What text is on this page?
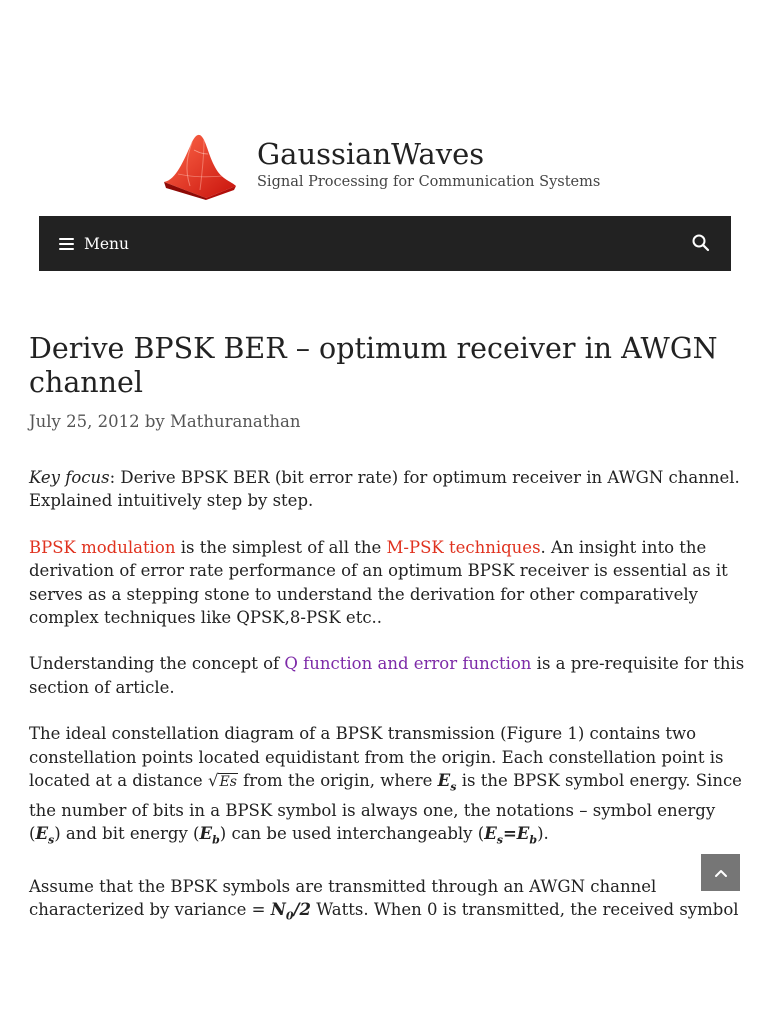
GaussianWaves
Signal Processing for Communication Systems
Menu
Derive BPSK BER – optimum receiver in AWGN channel
July 25, 2012 by Mathuranathan

Key focus: Derive BPSK BER (bit error rate) for optimum receiver in AWGN channel. Explained intuitively step by step.

BPSK modulation is the simplest of all the M-PSK techniques. An insight into the derivation of error rate performance of an optimum BPSK receiver is essential as it serves as a stepping stone to understand the derivation for other comparatively complex techniques like QPSK,8-PSK etc..

Understanding the concept of Q function and error function is a pre-requisite for this section of article.

The ideal constellation diagram of a BPSK transmission (Figure 1) contains two constellation points located equidistant from the origin. Each constellation point is located at a distance √Es from the origin, where $E_s$ is the BPSK symbol energy. Since the number of bits in a BPSK symbol is always one, the notations – symbol energy $(E_s)$ and bit energy $(E_b)$ can be used interchangeably $(E_s=E_b)$.

Assume that the BPSK symbols are transmitted through an AWGN channel characterized by variance = $N_0/2$ Watts. When 0 is transmitted, the received symbol
